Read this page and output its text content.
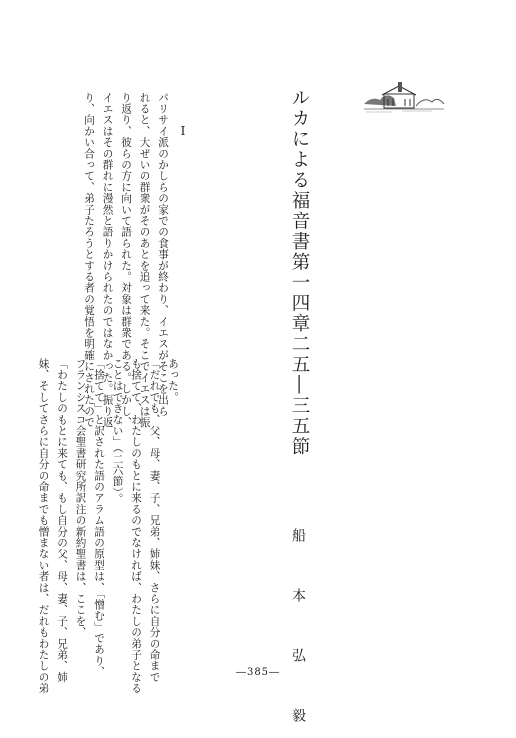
ルカによる福音書第一四章二五―三五節
船　本　弘　毅
Ⅰ
パリサイ派のかしらの家での食事が終わり、イエスがそこを出ら
れると、大ぜいの群衆がそのあとを追って来た。そこでイエスは振
り返り、彼らの方に向いて語られた。対象は群衆である。しかし、
イエスはその群れに漫然と語りかけられたのではなかった。振り返
り、向かい合って、弟子たろうとする者の覚悟を明確にされたので	あった。
「だれでも、父、母、妻、子、兄弟、姉妹、さらに自分の命まで
も捨てて、わたしのもとに来るのでなければ、わたしの弟子となる
ことはできない」（二六節）。
「捨てて」と訳された語のアラム語の原型は、「憎む」であり、
フランシスコ会聖書研究所訳注の新約聖書は、ここを、
「わたしのもとに来ても、もし自分の父、母、妻、子、兄弟、姉
妹、そしてさらに自分の命までも憎まない者は、だれもわたしの弟	―385―
